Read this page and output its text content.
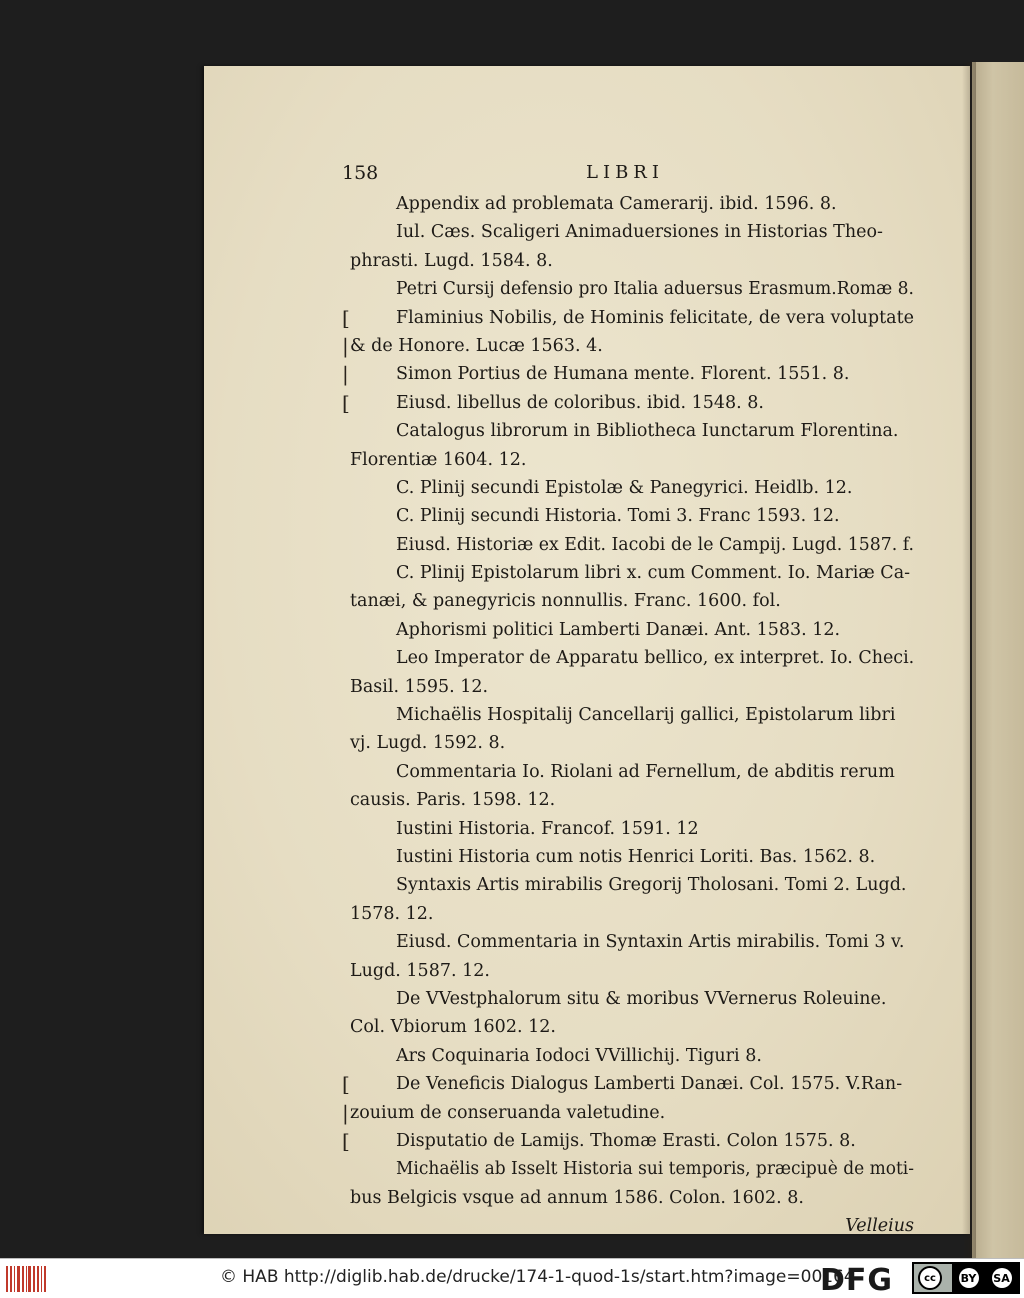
158	LIBRI
Appendix ad problemata Camerarij. ibid. 1596. 8.
Iul. Cæs. Scaligeri Animaduersiones in Historias Theo-
phrasti. Lugd. 1584. 8.
Petri Cursij defensio pro Italia aduersus Erasmum.Romæ 8.
[	Flaminius Nobilis, de Hominis felicitate, de vera voluptate
| & de Honore. Lucæ 1563. 4.
|	Simon Portius de Humana mente. Florent. 1551. 8.
[	Eiusd. libellus de coloribus. ibid. 1548. 8.
Catalogus librorum in Bibliotheca Iunctarum Florentina.
Florentiæ 1604. 12.
C. Plinij secundi Epistolæ & Panegyrici. Heidlb. 12.
C. Plinij secundi Historia. Tomi 3. Franc 1593. 12.
Eiusd. Historiæ ex Edit. Iacobi de le Campij. Lugd. 1587. f.
C. Plinij Epistolarum libri x. cum Comment. Io. Mariæ Ca-
tanæi, & panegyricis nonnullis. Franc. 1600. fol.
Aphorismi politici Lamberti Danæi. Ant. 1583. 12.
Leo Imperator de Apparatu bellico, ex interpret. Io. Checi.
Basil. 1595. 12.
Michaëlis Hospitalij Cancellarij gallici, Epistolarum libri
vj. Lugd. 1592. 8.
Commentaria Io. Riolani ad Fernellum, de abditis rerum
causis. Paris. 1598. 12.
Iustini Historia. Francof. 1591. 12
Iustini Historia cum notis Henrici Loriti. Bas. 1562. 8.
Syntaxis Artis mirabilis Gregorij Tholosani. Tomi 2. Lugd.
1578. 12.
Eiusd. Commentaria in Syntaxin Artis mirabilis. Tomi 3 v.
Lugd. 1587. 12.
De VVestphalorum situ & moribus VVernerus Roleuine.
Col. Vbiorum 1602. 12.
Ars Coquinaria Iodoci VVillichij. Tiguri 8.
[	De Veneficis Dialogus Lamberti Danæi. Col. 1575. V.Ran-
| zouium de conseruanda valetudine.
[	Disputatio de Lamijs. Thomæ Erasti. Colon 1575. 8.
Michaëlis ab Isselt Historia sui temporis, præcipuè de moti-
bus Belgicis vsque ad annum 1586. Colon. 1602. 8.
Velleius
© HAB http://diglib.hab.de/drucke/174-1-quod-1s/start.htm?image=00164
DFG	cc	BY SA
